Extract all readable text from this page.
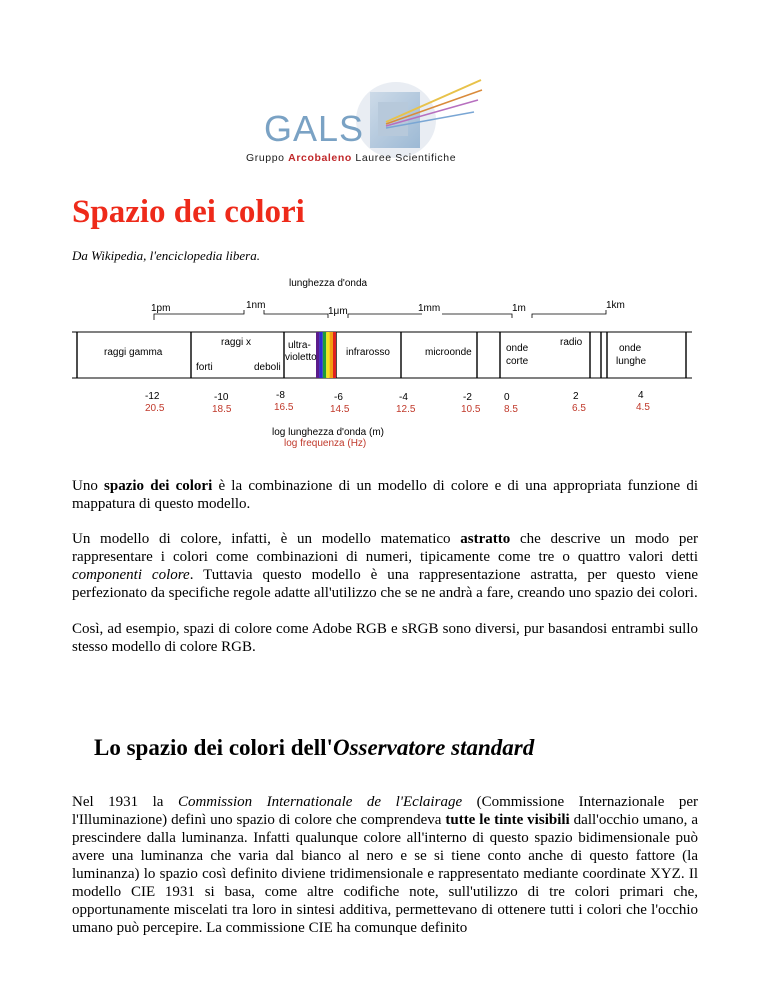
GALS
Gruppo Arcobaleno Lauree Scientifiche
Spazio dei colori
Da Wikipedia, l'enciclopedia libera.
lunghezza d'onda
1pm	1nm
1μm	1mm	1m	1km
raggi gamma
raggi x
forti	deboli
ultra-
violetto	infrarosso	microonde	onde
corte
radio
onde
lunghe
-12	-10	-8	-6	-4	-2	0	2	4
20.5	18.5	16.5	14.5	12.5	10.5 8.5	6.5	4.5
log lunghezza d'onda (m)
log frequenza (Hz)

Uno spazio dei colori è la combinazione di un modello di colore e di una appropriata funzione di mappatura di questo modello.

Un modello di colore, infatti, è un modello matematico astratto che descrive un modo per rappresentare i colori come combinazioni di numeri, tipicamente come tre o quattro valori detti componenti colore. Tuttavia questo modello è una rappresentazione astratta, per questo viene perfezionato da specifiche regole adatte all'utilizzo che se ne andrà a fare, creando uno spazio dei colori.

Così, ad esempio, spazi di colore come Adobe RGB e sRGB sono diversi, pur basandosi entrambi sullo stesso modello di colore RGB.

Lo spazio dei colori dell'Osservatore standard

Nel 1931 la Commission Internationale de l'Eclairage (Commissione Internazionale per l'Illuminazione) definì uno spazio di colore che comprendeva tutte le tinte visibili dall'occhio umano, a prescindere dalla luminanza. Infatti qualunque colore all'interno di questo spazio bidimensionale può avere una luminanza che varia dal bianco al nero e se si tiene conto anche di questo fattore (la luminanza) lo spazio così definito diviene tridimensionale e rappresentato mediante coordinate XYZ. Il modello CIE 1931 si basa, come altre codifiche note, sull'utilizzo di tre colori primari che, opportunamente miscelati tra loro in sintesi additiva, permettevano di ottenere tutti i colori che l'occhio umano può percepire. La commissione CIE ha comunque definito
